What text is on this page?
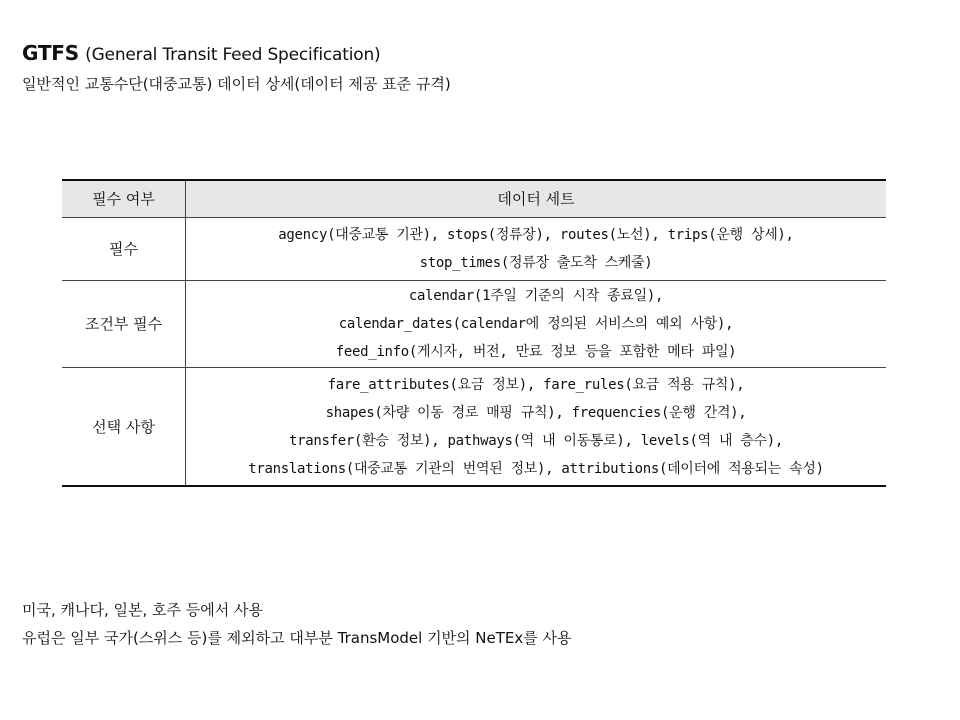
GTFS (General Transit Feed Specification)
일반적인 교통수단(대중교통) 데이터 상세(데이터 제공 표준 규격)
필수 여부	데이터 세트
필수	agency(대중교통 기관), stops(정류장), routes(노선), trips(운행 상세),
stop_times(정류장 출도착 스케줄)

조건부 필수	calendar(1주일 기준의 시작 종료일),
calendar_dates(calendar에 정의된 서비스의 예외 사항),
feed_info(게시자, 버전, 만료 정보 등을 포함한 메타 파일)

선택 사항	fare_attributes(요금 정보), fare_rules(요금 적용 규칙),
shapes(차량 이동 경로 매핑 규칙), frequencies(운행 간격),
transfer(환승 정보), pathways(역 내 이동통로), levels(역 내 층수),
translations(대중교통 기관의 번역된 정보), attributions(데이터에 적용되는 속성)
미국, 캐나다, 일본, 호주 등에서 사용
유럽은 일부 국가(스위스 등)를 제외하고 대부분 TransModel 기반의 NeTEx를 사용
